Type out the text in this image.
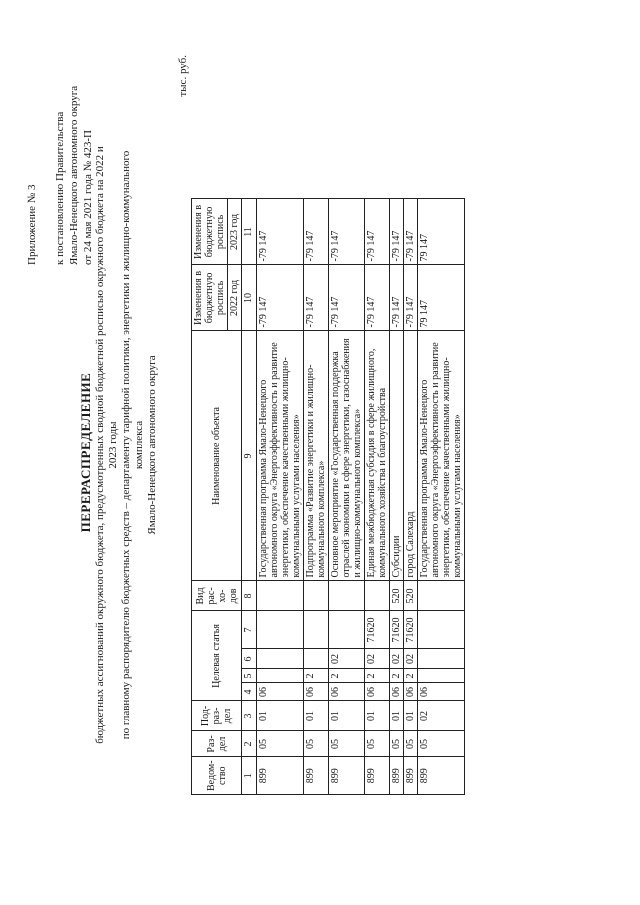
Приложение № 3 к постановлению Правительства Ямало-Ненецкого автономного округа от 24 мая 2021 года № 423-П
ПЕРЕРАСПРЕДЕЛЕНИЕ бюджетных ассигнований окружного бюджета, предусмотренных сводной бюджетной росписью окружного бюджета на 2022 и 2023 годы по главному распорядителю бюджетных средств – департаменту тарифной политики, энергетики и жилищно-коммунального комплекса Ямало-Ненецкого автономного округа
тыс. руб.
Ведом-ство	Раз-дел	Под-раз-дел	Целевая статья				Вид рас-хо-дов	Наименование объекта	Изменения в бюджетную роспись	Изменения в бюджетную роспись
									2022 год	2023 год
1	2	3	4	5	6	7	8	9	10	11
899	05	01	06					Государственная программа Ямало-Ненецкого автономного округа «Энергоэффективность и развитие энергетики, обеспечение качественными жилищно-коммунальными услугами населения»	-79 147	-79 147
899	05	01	06	2				Подпрограмма «Развитие энергетики и жилищно-коммунального комплекса»	-79 147	-79 147
899	05	01	06	2	02			Основное мероприятие «Государственная поддержка отраслей экономики в сфере энергетики, газоснабжения и жилищно-коммунального комплекса»	-79 147	-79 147
899	05	01	06	2	02	71620		Единая межбюджетная субсидия в сфере жилищного, коммунального хозяйства и благоустройства	-79 147	-79 147
899	05	01	06	2	02	71620	520	Субсидии	-79 147	-79 147
899	05	01	06	2	02	71620	520	город Салехард	-79 147	-79 147
899	05	02	06					Государственная программа Ямало-Ненецкого автономного округа «Энергоэффективность и развитие энергетики, обеспечение качественными жилищно-коммунальными услугами населения»	79 147	79 147
